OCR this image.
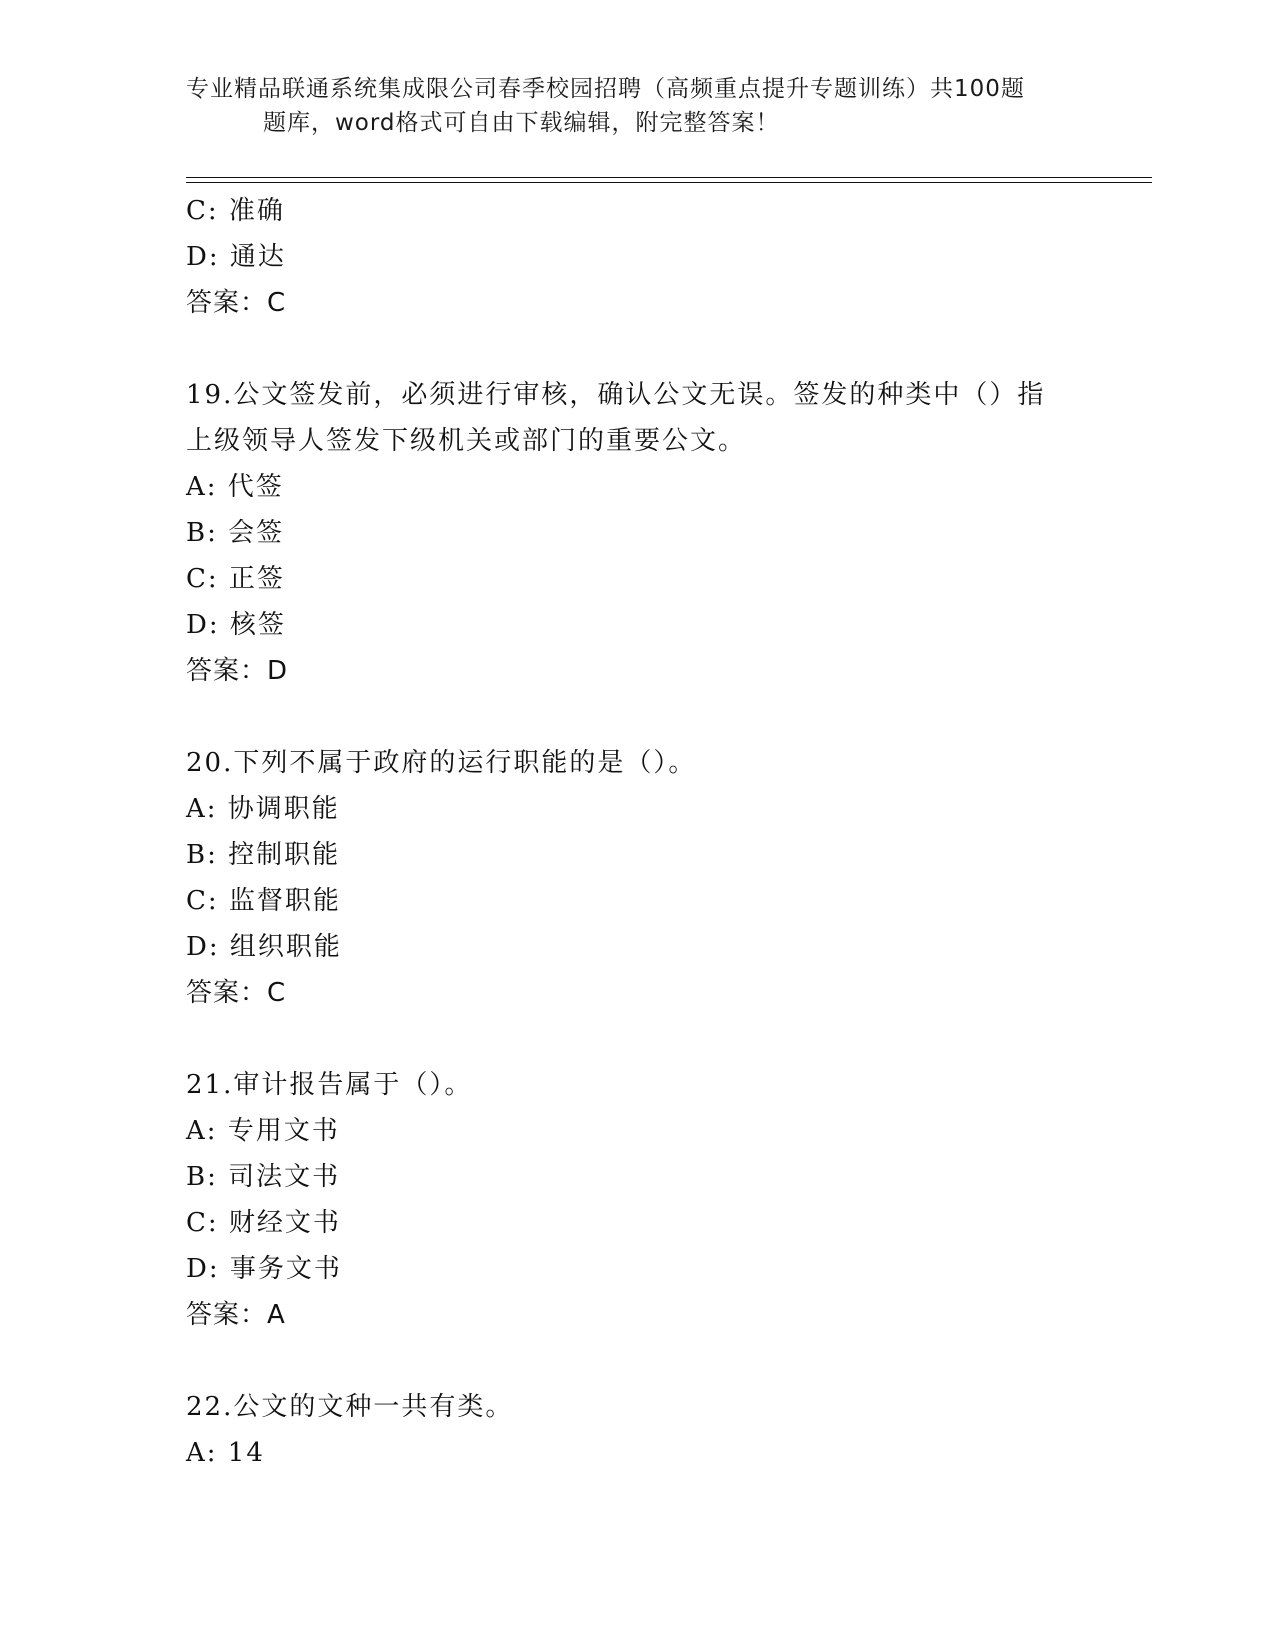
专业精品联通系统集成限公司春季校园招聘（高频重点提升专题训练）共100题
题库，word格式可自由下载编辑，附完整答案！
C: 准确
D: 通达
答案：C
19.公文签发前，必须进行审核，确认公文无误。签发的种类中（）指
上级领导人签发下级机关或部门的重要公文。
A: 代签
B: 会签
C: 正签
D: 核签
答案：D
20.下列不属于政府的运行职能的是（）。
A: 协调职能
B: 控制职能
C: 监督职能
D: 组织职能
答案：C
21.审计报告属于（）。
A: 专用文书
B: 司法文书
C: 财经文书
D: 事务文书
答案：A
22.公文的文种一共有类。
A: 14
